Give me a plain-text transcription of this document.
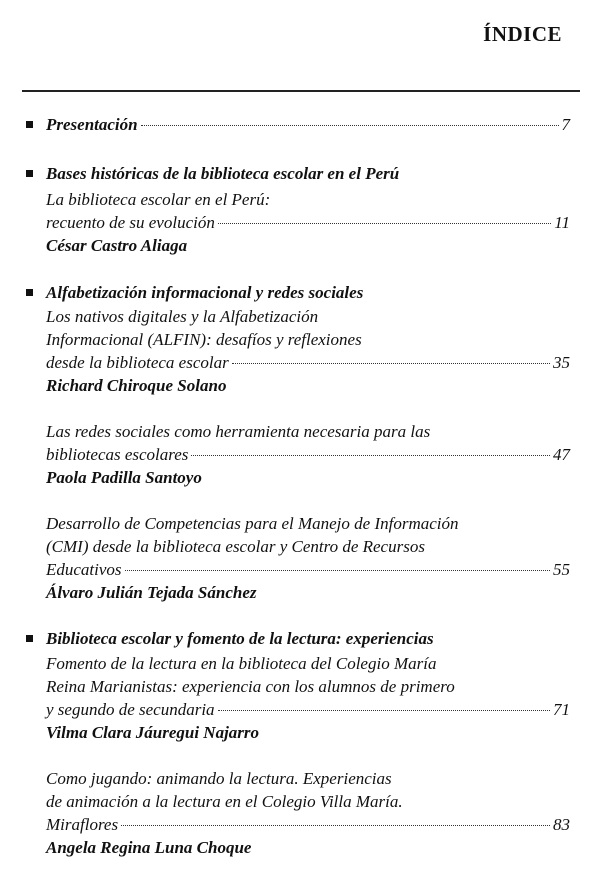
ÍNDICE
Presentación	7
Bases históricas de la biblioteca escolar en el Perú
La biblioteca escolar en el Perú:
recuento de su evolución	11
César Castro Aliaga
Alfabetización informacional y redes sociales
Los nativos digitales y la Alfabetización
Informacional (ALFIN): desafíos y reflexiones
desde la biblioteca escolar	35
Richard Chiroque Solano
Las redes sociales como herramienta necesaria para las
bibliotecas escolares	47
Paola Padilla Santoyo
Desarrollo de Competencias para el Manejo de Información
(CMI) desde la biblioteca escolar y Centro de Recursos
Educativos	55
Álvaro Julián Tejada Sánchez
Biblioteca escolar y fomento de la lectura: experiencias
Fomento de la lectura en la biblioteca del Colegio María
Reina Marianistas: experiencia con los alumnos de primero
y segundo de secundaria	71
Vilma Clara Jáuregui Najarro
Como jugando: animando la lectura. Experiencias
de animación a la lectura en el Colegio Villa María.
Miraflores	83
Angela Regina Luna Choque
